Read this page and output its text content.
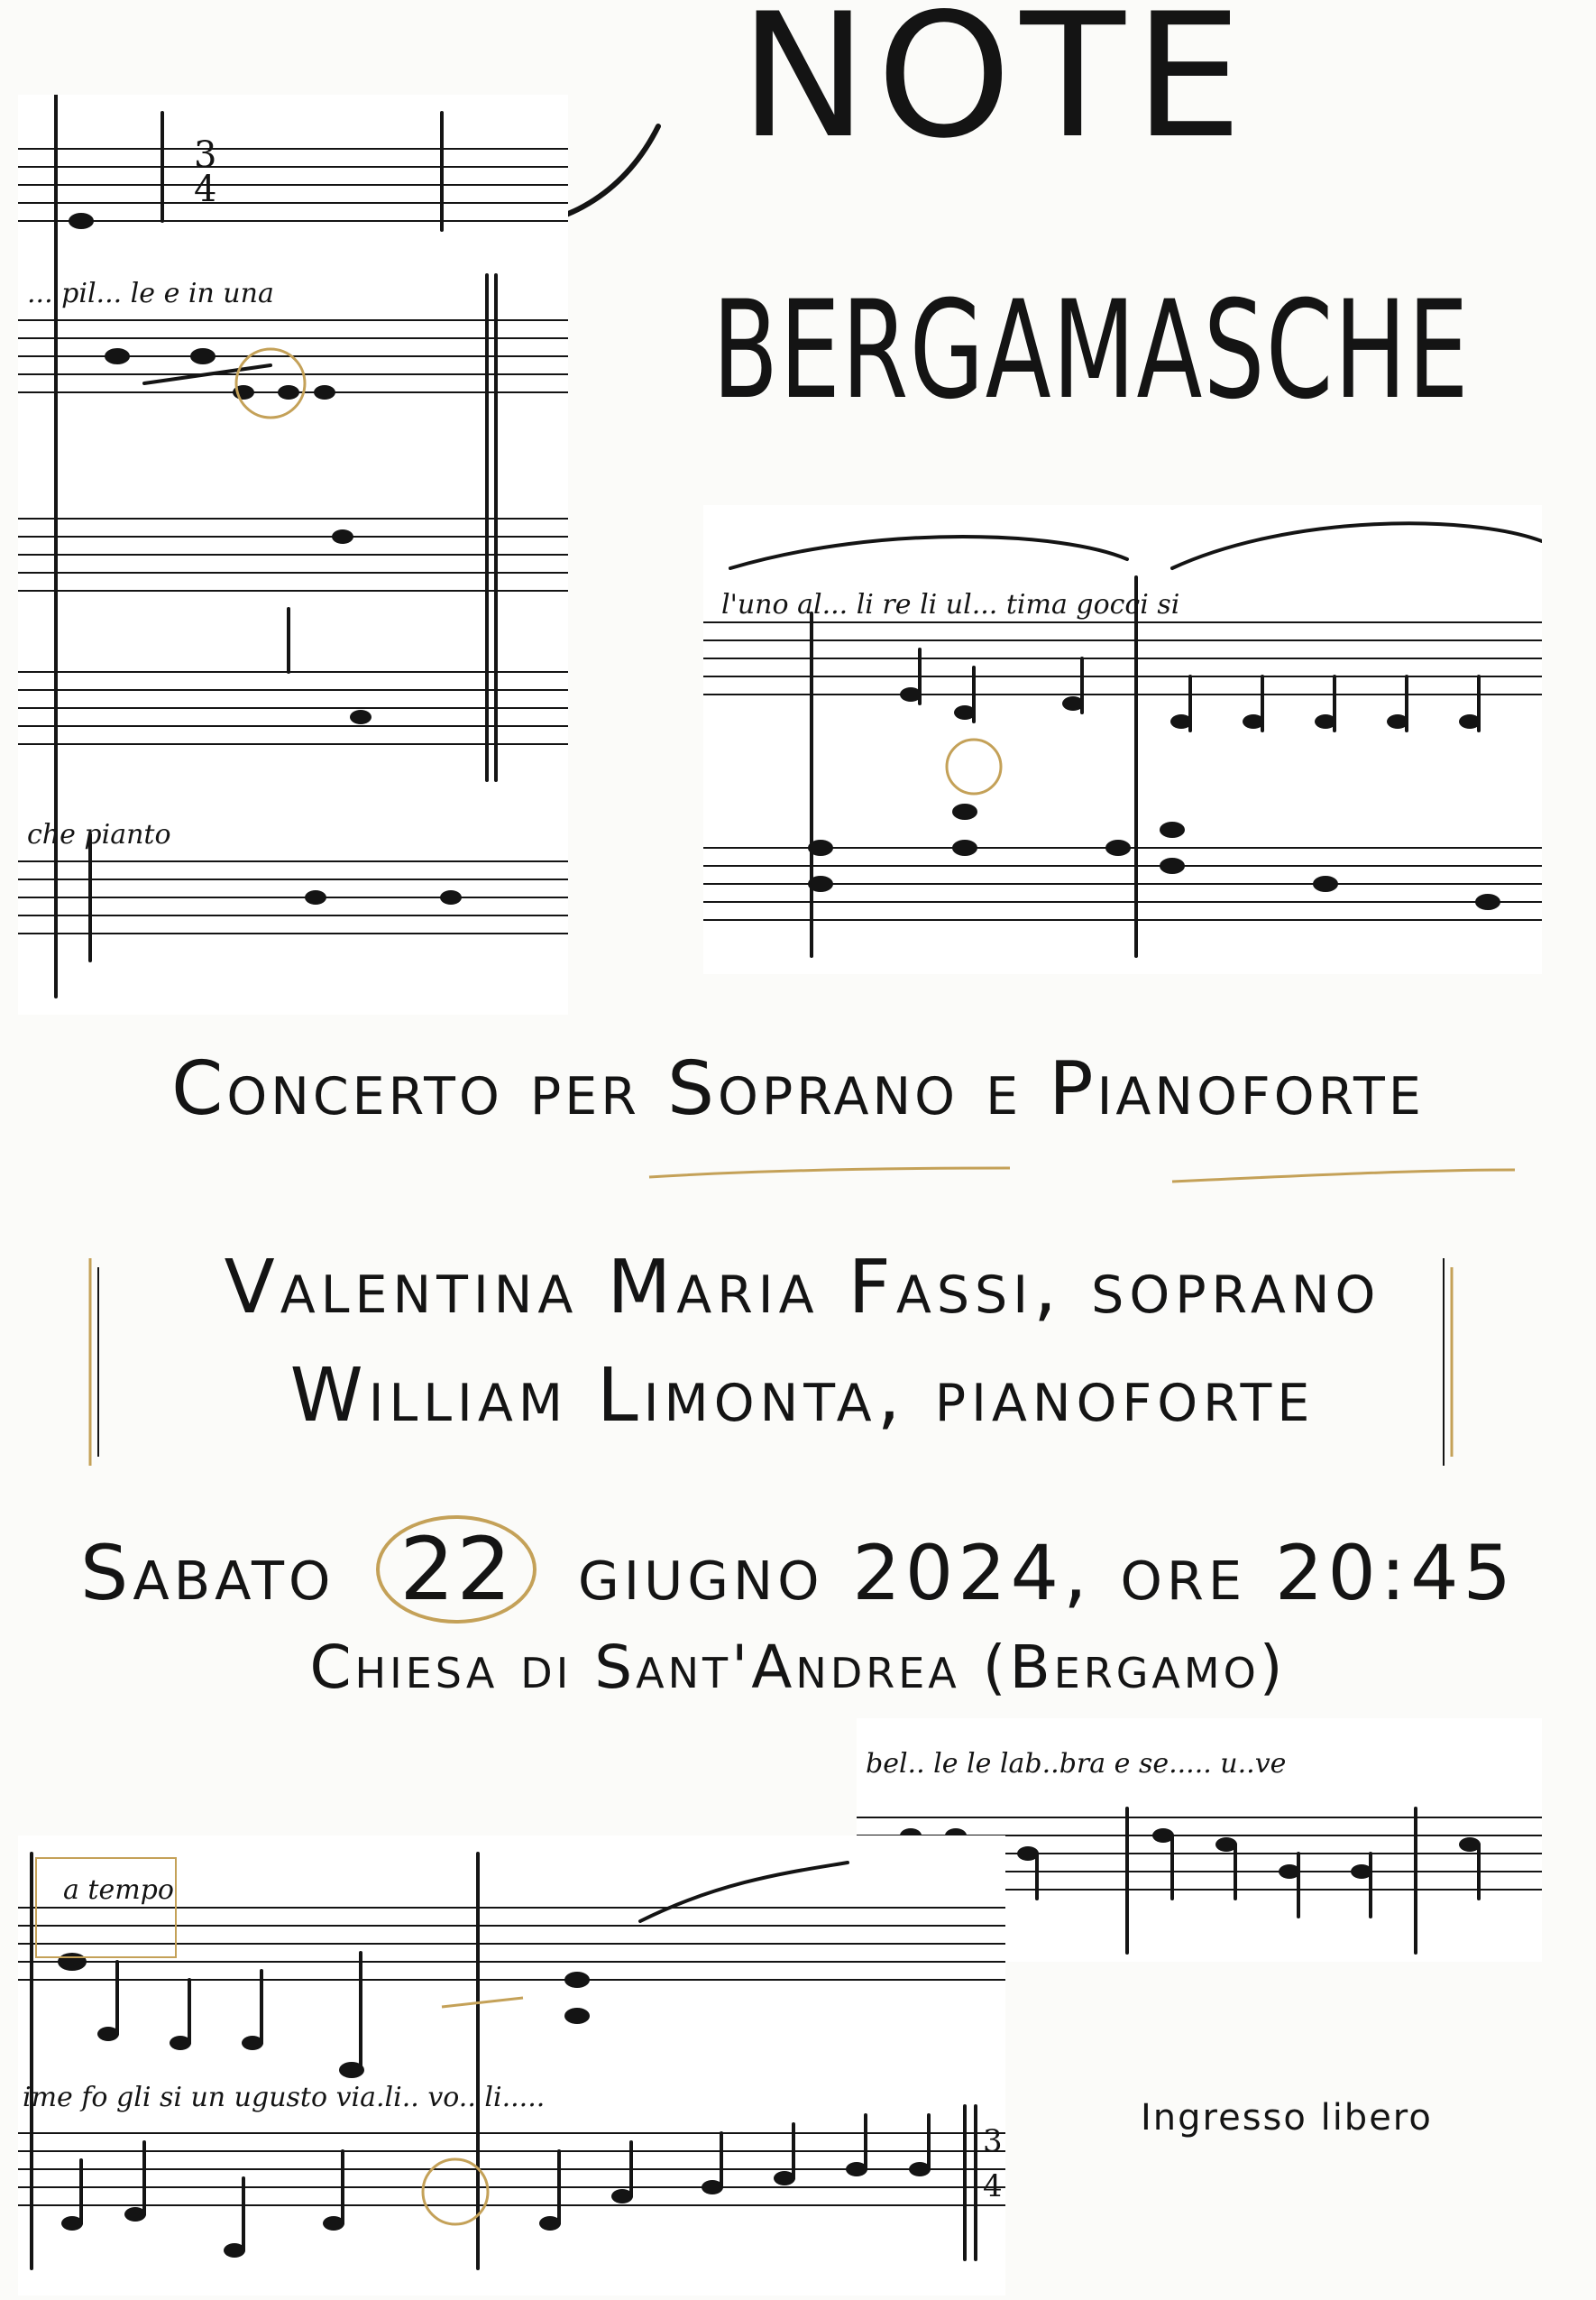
NOTE
BERGAMASCHE
... pil... le e in una
che pianto
3
4
l'uno al... li re li ul... tima gocci si
Concerto per Soprano e Pianoforte
Valentina Maria Fassi, soprano
William Limonta, pianoforte
Sabato 22 giugno 2024, ore 20:45
Chiesa di Sant'Andrea (Bergamo)
bel.. le le lab..bra e se..... u..ve
a tempo
ime fo gli si un ugusto via.li.. vo.. li.....
3
4
Ingresso libero
